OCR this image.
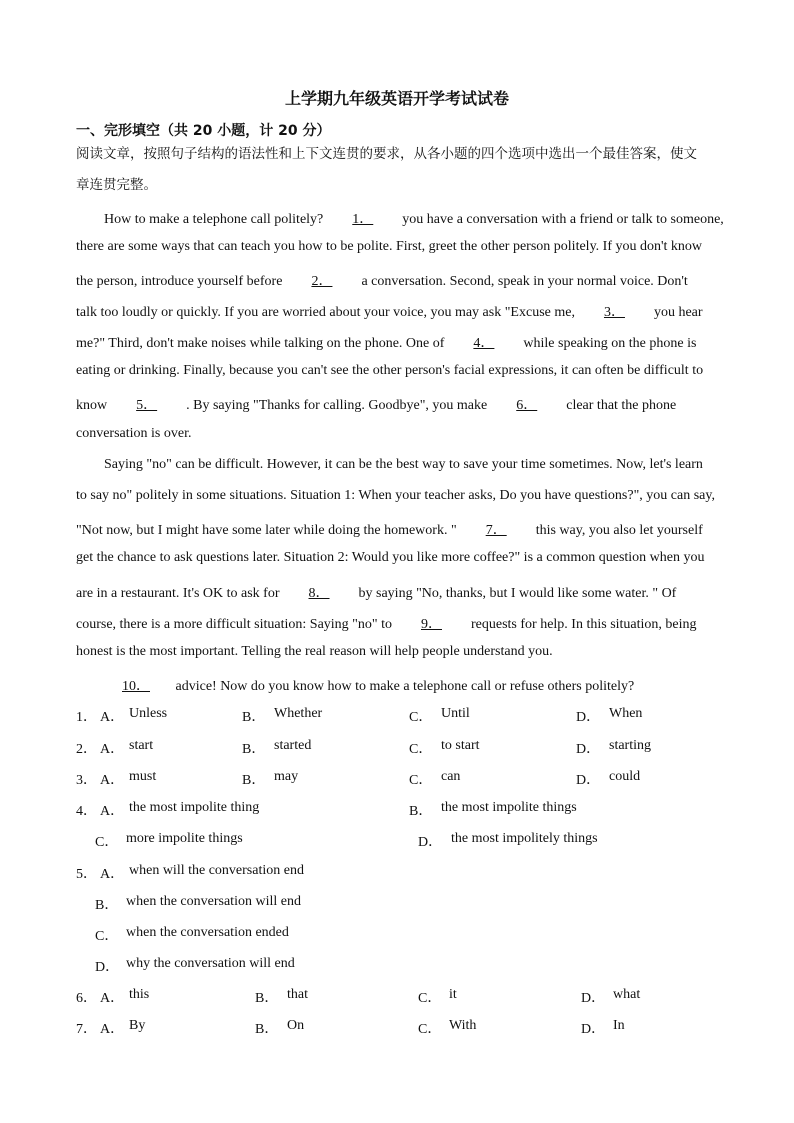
上学期九年级英语开学考试试卷
一、完形填空（共 20 小题，计 20 分）
阅读文章，按照句子结构的语法性和上下文连贯的要求，从各小题的四个选项中选出一个最佳答案，使文
章连贯完整。
How to make a telephone call politely? 1． you have a conversation with a friend or talk to someone,
there are some ways that can teach you how to be polite. First, greet the other person politely. If you don't know
the person, introduce yourself before 2． a conversation. Second, speak in your normal voice. Don't
talk too loudly or quickly. If you are worried about your voice, you may ask "Excuse me, 3． you hear
me?" Third, don't make noises while talking on the phone. One of 4． while speaking on the phone is
eating or drinking. Finally, because you can't see the other person's facial expressions, it can often be difficult to
know 5． . By saying "Thanks for calling. Goodbye", you make 6． clear that the phone
conversation is over.
Saying "no" can be difficult. However, it can be the best way to save your time sometimes. Now, let's learn
to say no" politely in some situations. Situation 1: When your teacher asks, Do you have questions?", you can say,
"Not now, but I might have some later while doing the homework. " 7． this way, you also let yourself
get the chance to ask questions later. Situation 2: Would you like more coffee?" is a common question when you
are in a restaurant. It's OK to ask for 8． by saying "No, thanks, but I would like some water. " Of
course, there is a more difficult situation: Saying "no" to 9． requests for help. In this situation, being
honest is the most important. Telling the real reason will help people understand you.
10． advice! Now do you know how to make a telephone call or refuse others politely?
1． A． Unless	B． Whether	C． Until	D． When
2． A． start	B． started	C． to start	D． starting
3． A． must	B． may	C． can	D． could
4． A． the most impolite thing	B． the most impolite things
C． more impolite things	D． the most impolitely things
5． A． when will the conversation end
B． when the conversation will end
C． when the conversation ended
D． why the conversation will end
6． A． this	B． that	C． it	D． what
7． A． By	B． On	C． With	D． In
